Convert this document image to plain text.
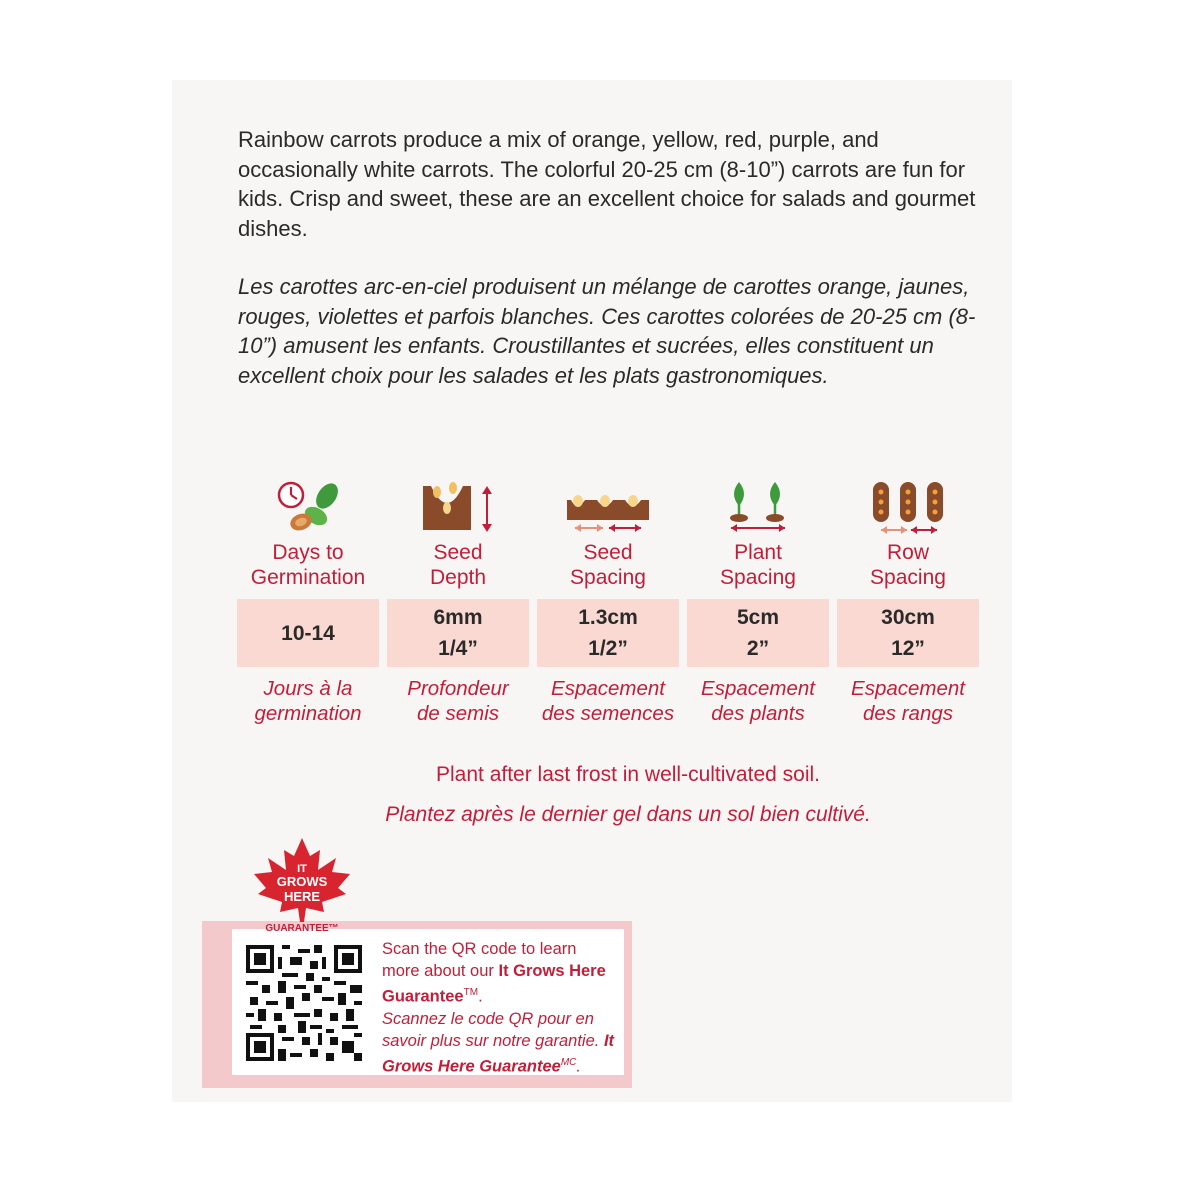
Rainbow carrots produce a mix of orange, yellow, red, purple, and occasionally white carrots. The colorful 20-25 cm (8-10”) carrots are fun for kids. Crisp and sweet, these are an excellent choice for salads and gourmet dishes.

Les carottes arc-en-ciel produisent un mélange de carottes orange, jaunes, rouges, violettes et parfois blanches. Ces carottes colorées de 20-25 cm (8-10”) amusent les enfants. Croustillantes et sucrées, elles constituent un excellent choix pour les salades et les plats gastronomiques.

Days to
Germination
10-14
Jours à la
germination
Seed
Depth
6mm
1/4”
Profondeur
de semis
Seed
Spacing
1.3cm
1/2”
Espacement
des semences
Plant
Spacing
5cm
2”
Espacement
des plants
Row
Spacing
30cm
12”
Espacement
des rangs

Plant after last frost in well-cultivated soil.

Plantez après le dernier gel dans un sol bien cultivé.

IT
GROWS
HERE
GUARANTEE™

Scan the QR code to learn more about our It Grows Here Guarantee™.

Scannez le code QR pour en savoir plus sur notre garantie. It Grows Here Guarantee$^{MC}$.
